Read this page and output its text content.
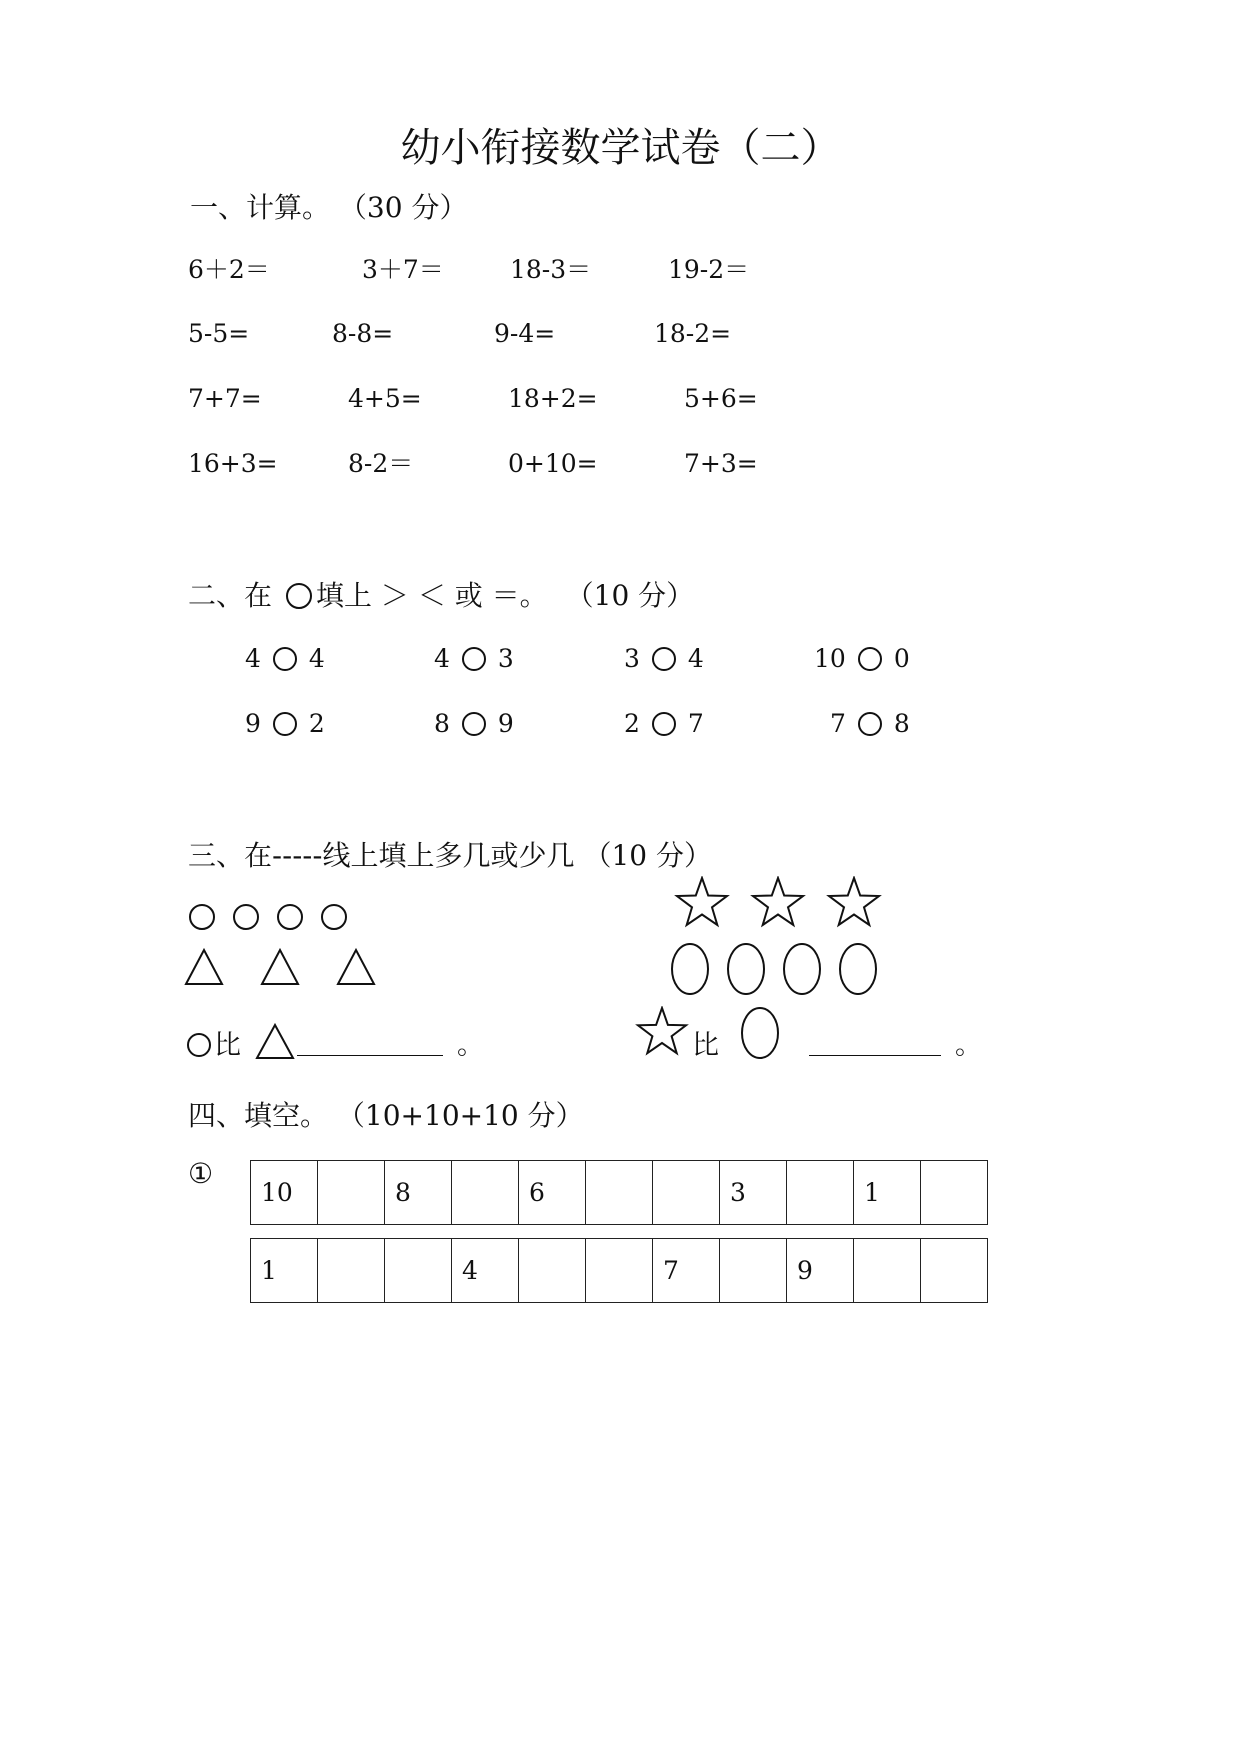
幼小衔接数学试卷（二）
一、计算。 （30 分）
6＋2＝	3＋7＝	18-3＝	19-2＝
5-5=	8-8=	9-4=	18-2=
7+7=	4+5=	18+2=	5+6=
16+3=	8-2＝	0+10=	7+3=
二、在 填上 ＞ ＜ 或 ＝。 （10 分）
4 4	4 3	3 4	10 0
9 2	8 9	2 7	7 8
三、在-----线上填上多几或少几 （10 分）
比	。	比	。
四、填空。 （10+10+10 分）
①
10		8		6			3		1	
1			4			7		9		
